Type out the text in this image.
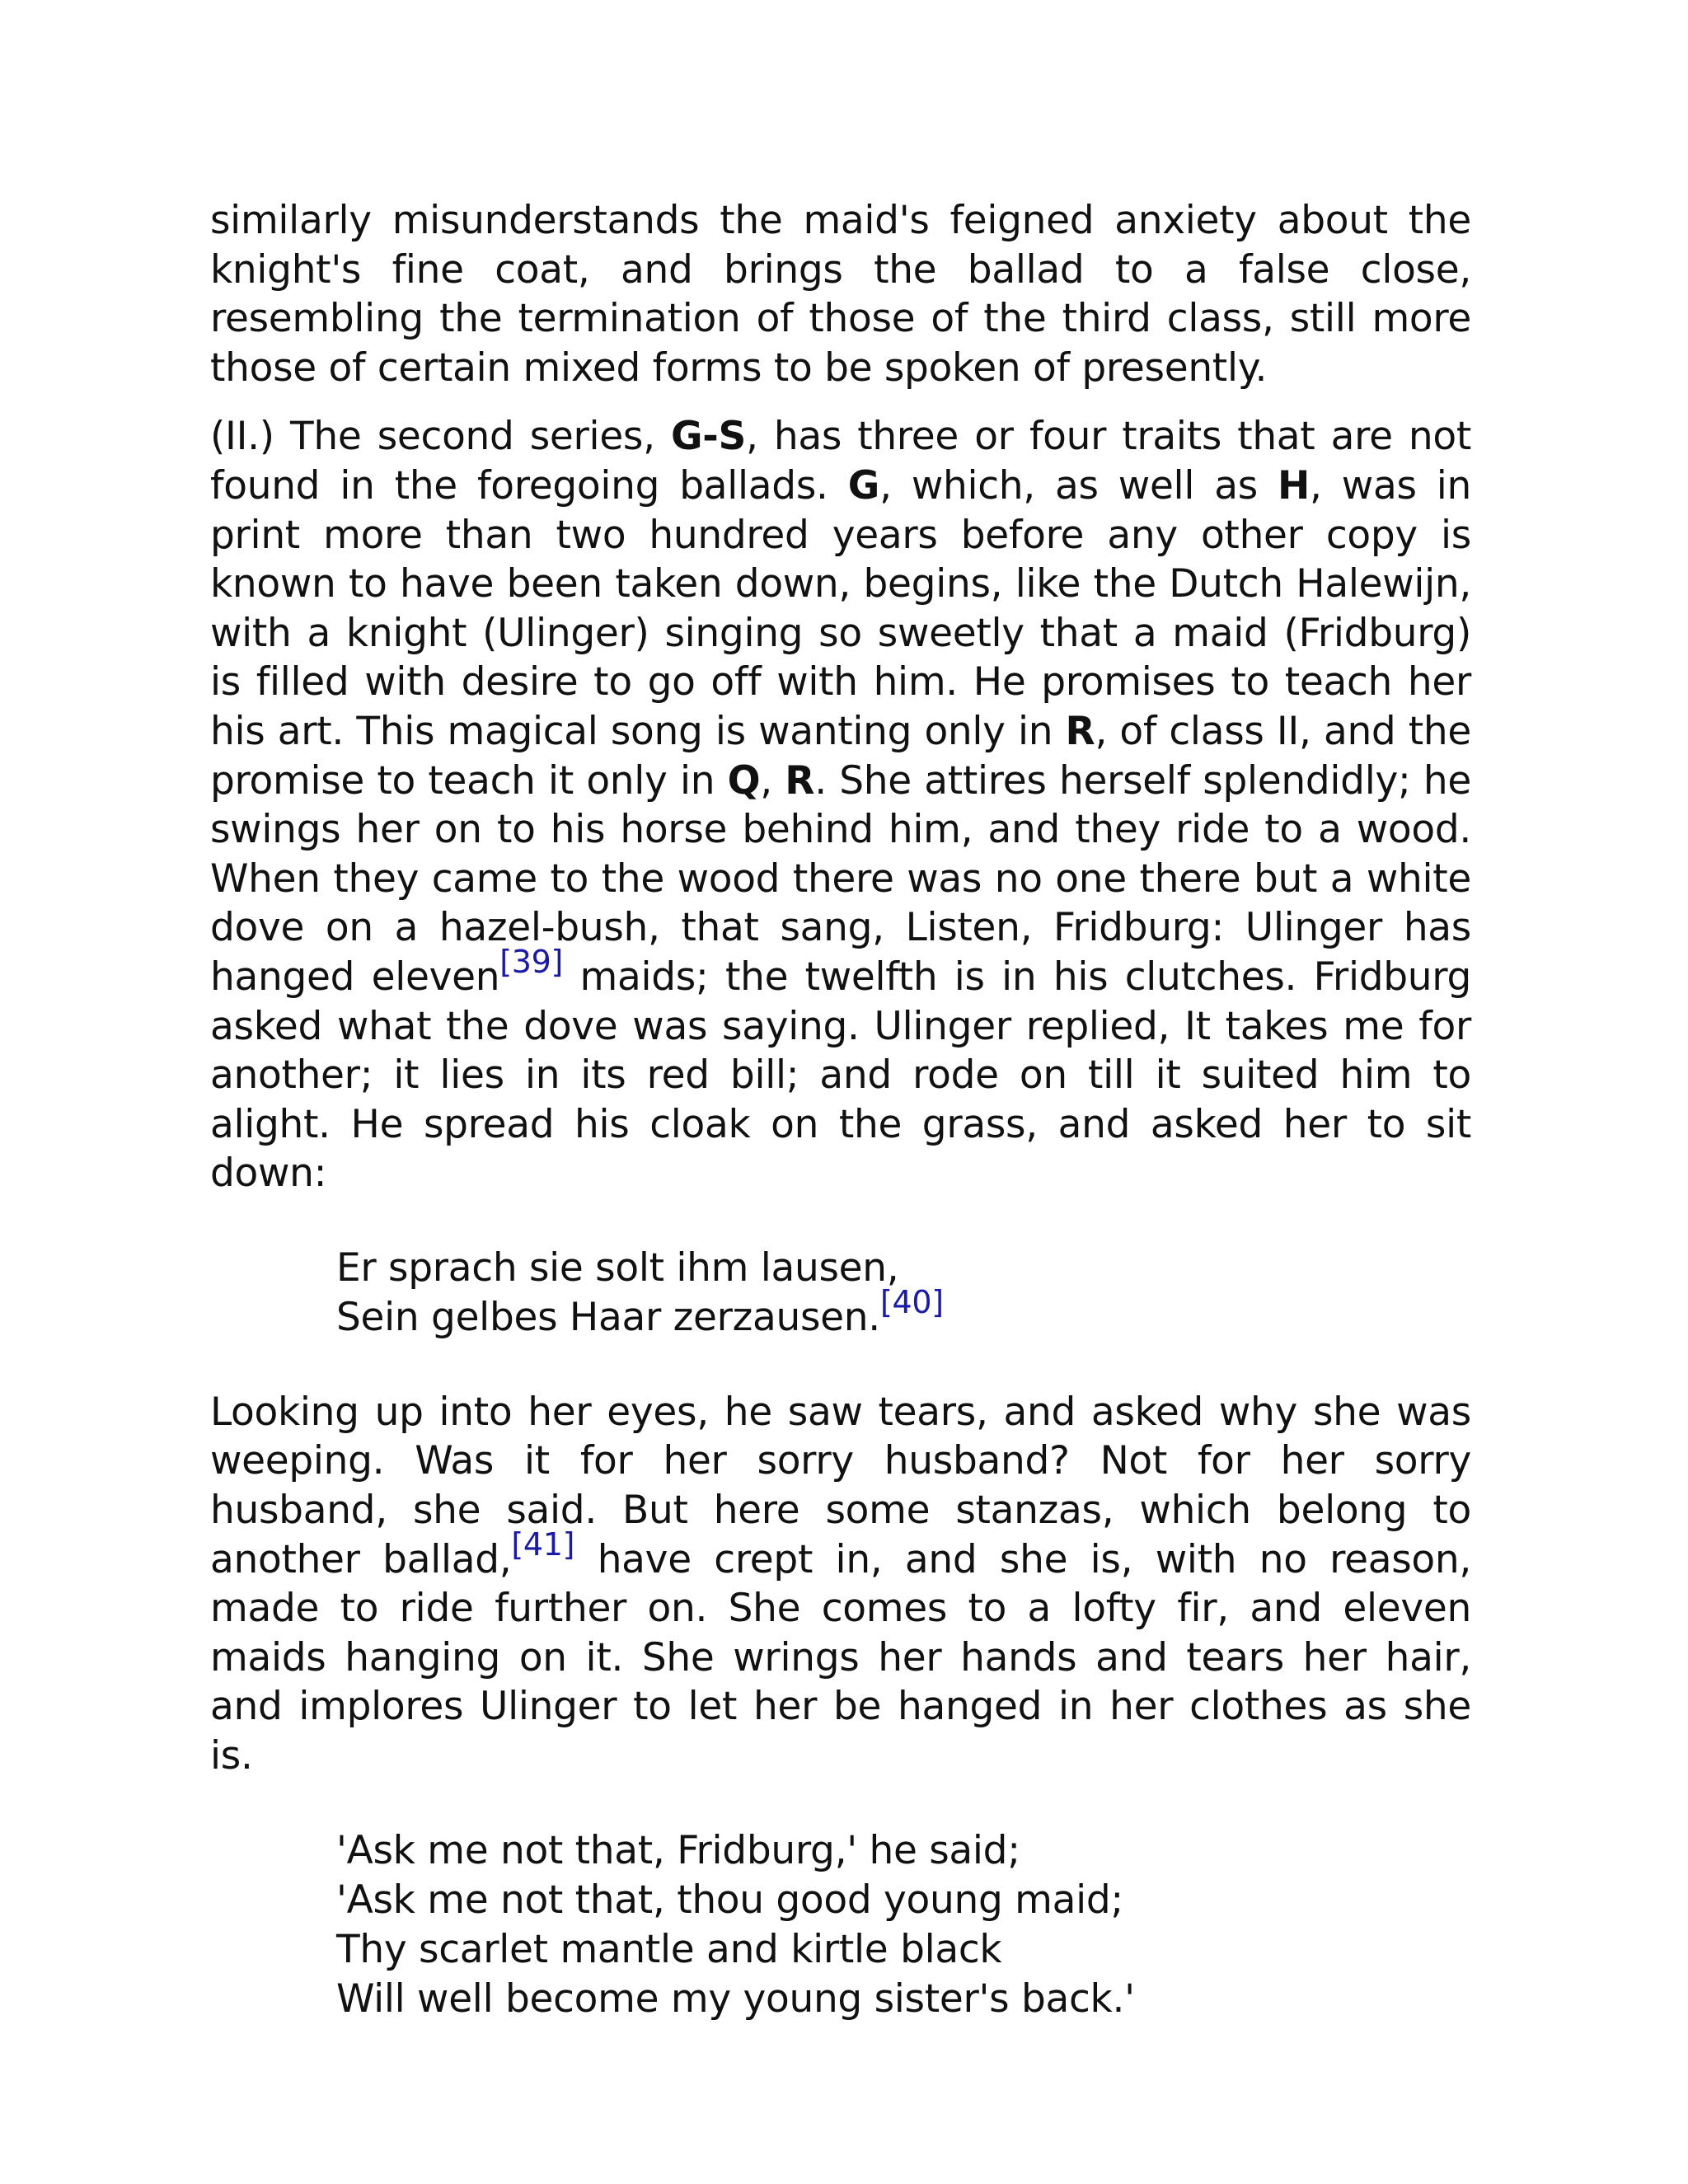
similarly misunderstands the maid's feigned anxiety about the knight's fine coat, and brings the ballad to a false close, resembling the termination of those of the third class, still more those of certain mixed forms to be spoken of presently.

(II.) The second series, G-S, has three or four traits that are not found in the foregoing ballads. G, which, as well as H, was in print more than two hundred years before any other copy is known to have been taken down, begins, like the Dutch Halewijn, with a knight (Ulinger) singing so sweetly that a maid (Fridburg) is filled with desire to go off with him. He promises to teach her his art. This magical song is wanting only in R, of class II, and the promise to teach it only in Q, R. She attires herself splendidly; he swings her on to his horse behind him, and they ride to a wood. When they came to the wood there was no one there but a white dove on a hazel-bush, that sang, Listen, Fridburg: Ulinger has hanged eleven[39] maids; the twelfth is in his clutches. Fridburg asked what the dove was saying. Ulinger replied, It takes me for another; it lies in its red bill; and rode on till it suited him to alight. He spread his cloak on the grass, and asked her to sit down:

Er sprach sie solt ihm lausen,
Sein gelbes Haar zerzausen.[40]

Looking up into her eyes, he saw tears, and asked why she was weeping. Was it for her sorry husband? Not for her sorry husband, she said. But here some stanzas, which belong to another ballad,[41] have crept in, and she is, with no reason, made to ride further on. She comes to a lofty fir, and eleven maids hanging on it. She wrings her hands and tears her hair, and implores Ulinger to let her be hanged in her clothes as she is.

'Ask me not that, Fridburg,' he said;
'Ask me not that, thou good young maid;
Thy scarlet mantle and kirtle black
Will well become my young sister's back.'
